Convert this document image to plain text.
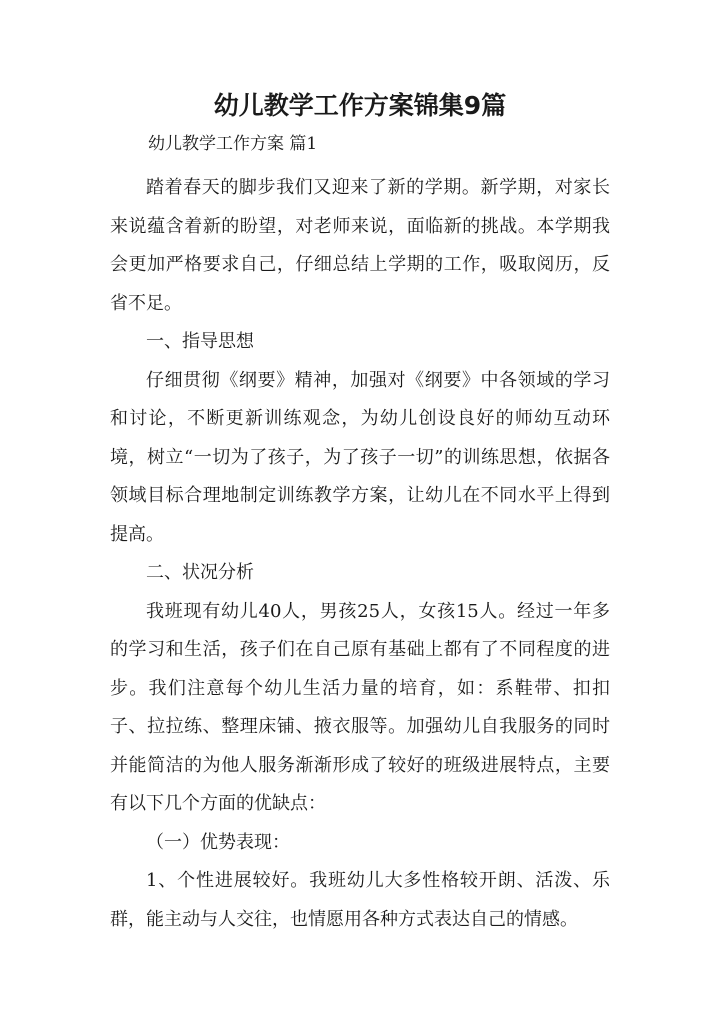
幼儿教学工作方案锦集9篇

幼儿教学工作方案 篇1

踏着春天的脚步我们又迎来了新的学期。新学期，对家长来说蕴含着新的盼望，对老师来说，面临新的挑战。本学期我会更加严格要求自己，仔细总结上学期的工作，吸取阅历，反省不足。

一、指导思想

仔细贯彻《纲要》精神，加强对《纲要》中各领域的学习和讨论，不断更新训练观念，为幼儿创设良好的师幼互动环境，树立“一切为了孩子，为了孩子一切”的训练思想，依据各领域目标合理地制定训练教学方案，让幼儿在不同水平上得到提高。

二、状况分析

我班现有幼儿40人，男孩25人，女孩15人。经过一年多的学习和生活，孩子们在自己原有基础上都有了不同程度的进步。我们注意每个幼儿生活力量的培育，如：系鞋带、扣扣子、拉拉练、整理床铺、掖衣服等。加强幼儿自我服务的同时并能简洁的为他人服务渐渐形成了较好的班级进展特点，主要有以下几个方面的优缺点：

（一）优势表现：

1、个性进展较好。我班幼儿大多性格较开朗、活泼、乐群，能主动与人交往，也情愿用各种方式表达自己的情感。
